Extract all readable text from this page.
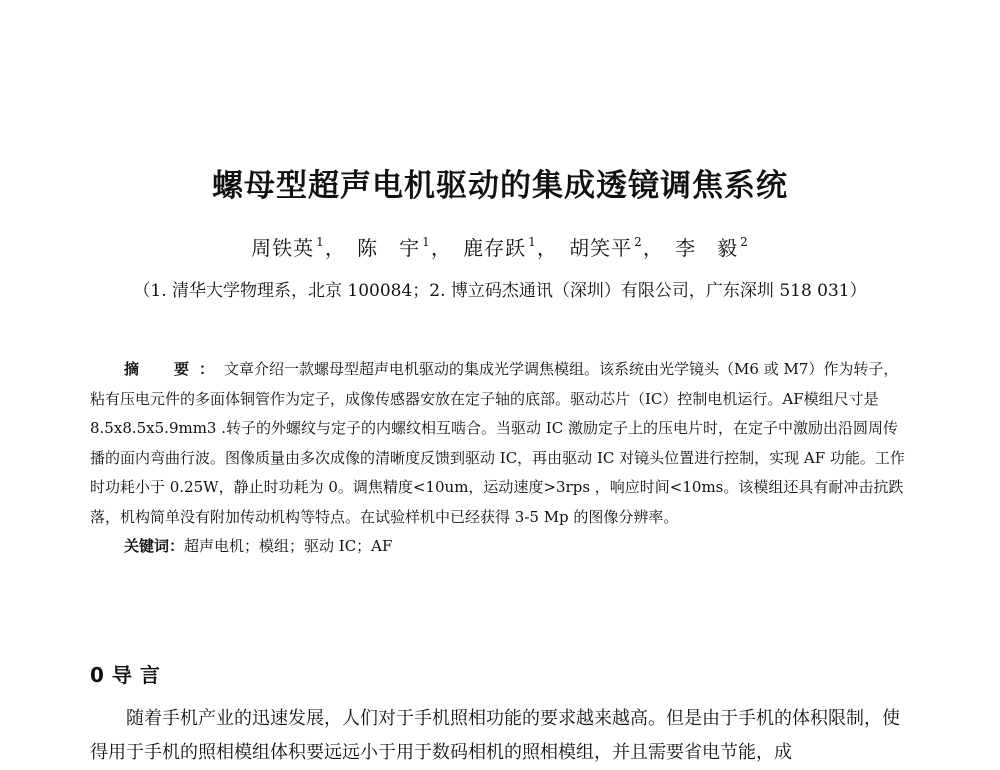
螺母型超声电机驱动的集成透镜调焦系统
周铁英 $^1$， 陈　宇 $^1$， 鹿存跃 $^1$， 胡笑平 $^2$， 李　毅 $^2$
（1. 清华大学物理系，北京 100084；2. 博立码杰通讯（深圳）有限公司，广东深圳 518 031）

摘　要：文章介绍一款螺母型超声电机驱动的集成光学调焦模组。该系统由光学镜头（M6 或 M7）作为转子，粘有压电元件的多面体铜管作为定子，成像传感器安放在定子轴的底部。驱动芯片（IC）控制电机运行。AF模组尺寸是 8.5x8.5x5.9mm3 .转子的外螺纹与定子的内螺纹相互啮合。当驱动 IC 激励定子上的压电片时，在定子中激励出沿圆周传播的面内弯曲行波。图像质量由多次成像的清晰度反馈到驱动 IC，再由驱动 IC 对镜头位置进行控制，实现 AF 功能。工作时功耗小于 0.25W，静止时功耗为 0。调焦精度<10um，运动速度>3rps ，响应时间<10ms。该模组还具有耐冲击抗跌落，机构简单没有附加传动机构等特点。在试验样机中已经获得 3-5 Mp 的图像分辨率。

关键词：超声电机；模组；驱动 IC；AF

0 导言

随着手机产业的迅速发展，人们对于手机照相功能的要求越来越高。但是由于手机的体积限制，使得用于手机的照相模组体积要远远小于用于数码相机的照相模组，并且需要省电节能，成
